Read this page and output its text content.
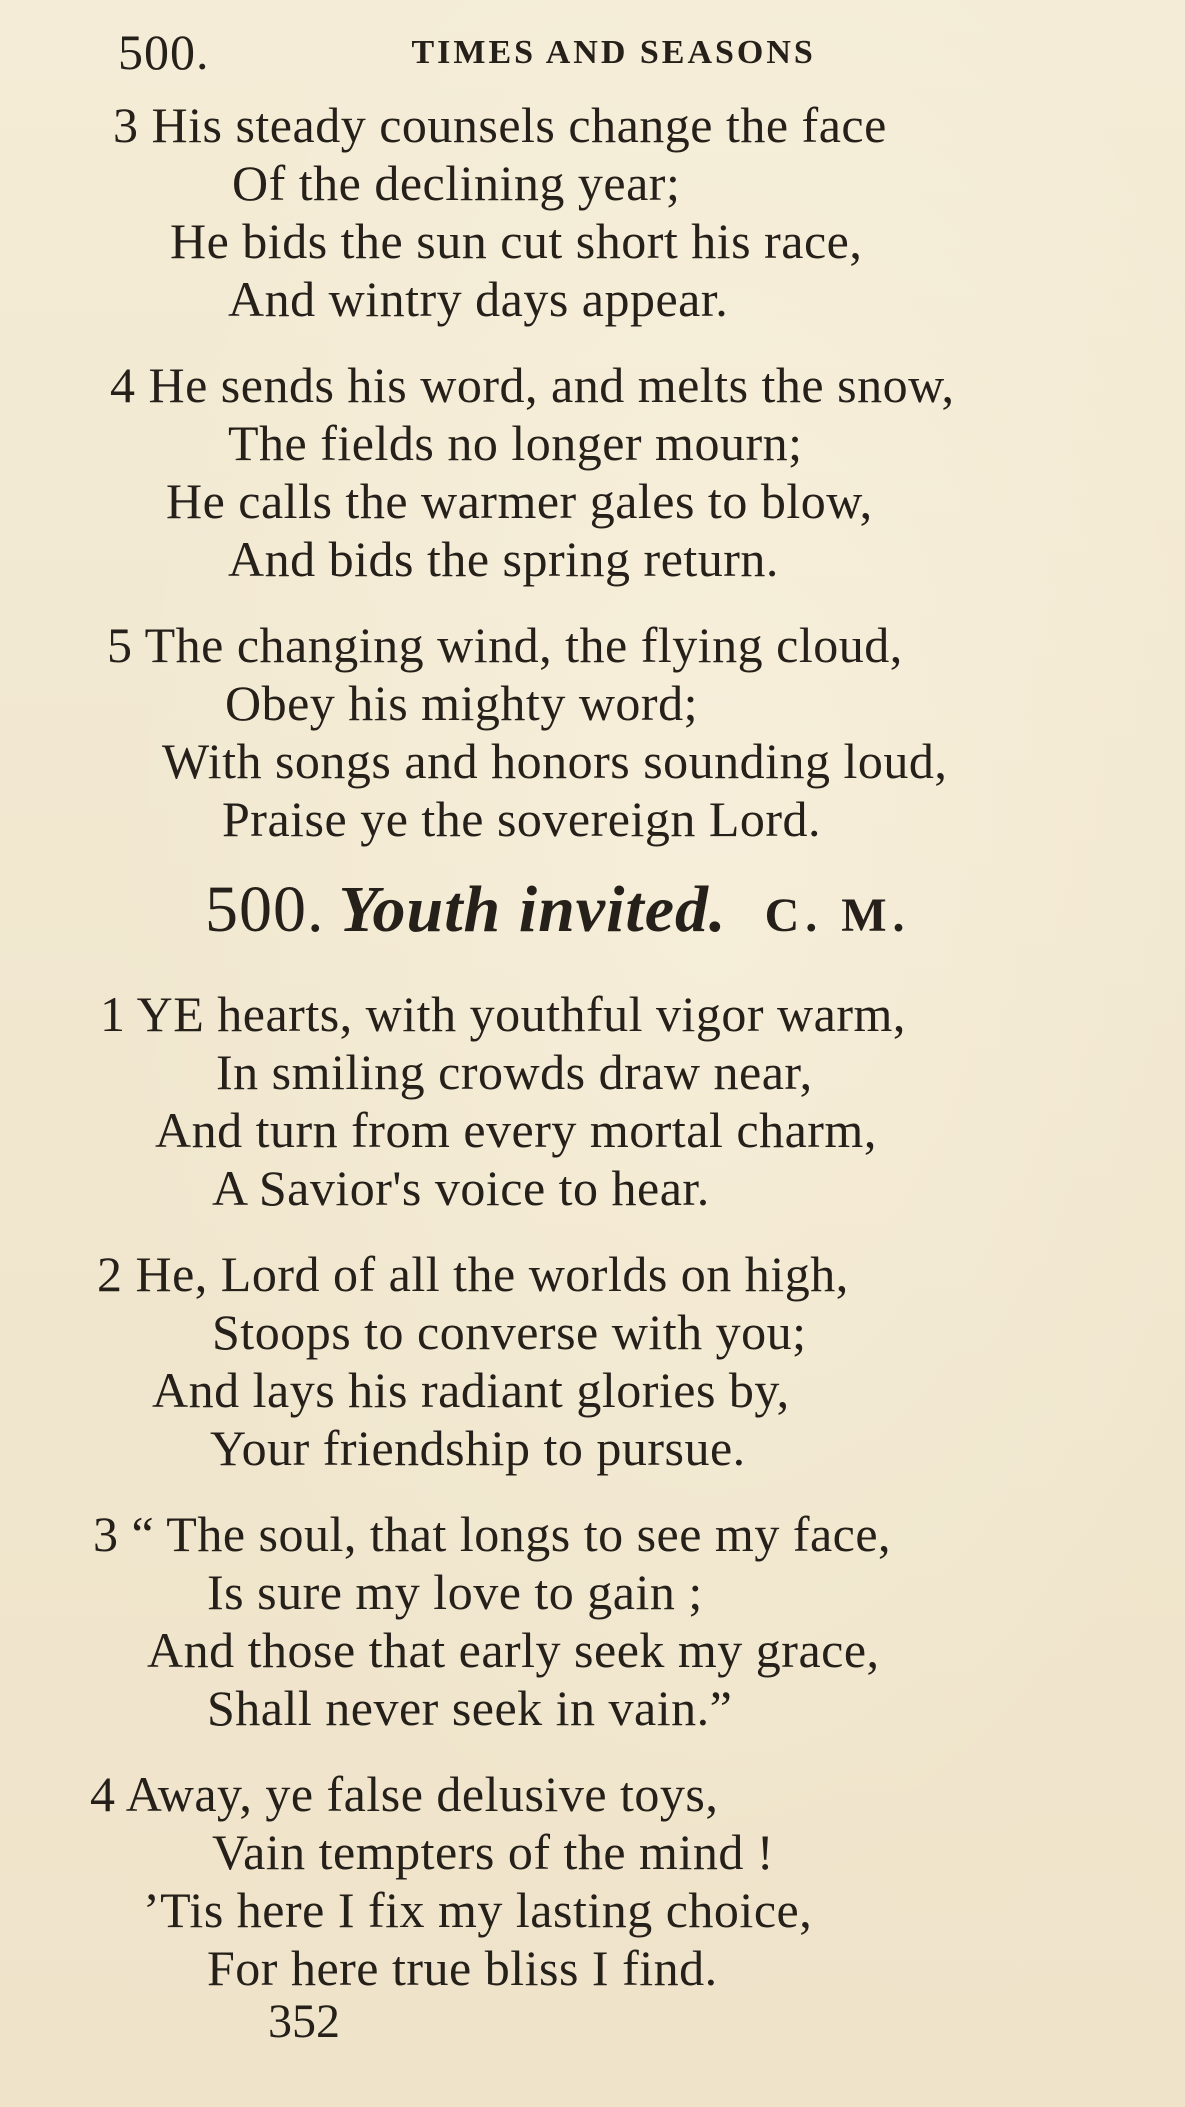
500.	TIMES AND SEASONS
3 His steady counsels change the face
Of the declining year;
He bids the sun cut short his race,
And wintry days appear.
4 He sends his word, and melts the snow,
The fields no longer mourn;
He calls the warmer gales to blow,
And bids the spring return.
5 The changing wind, the flying cloud,
Obey his mighty word;
With songs and honors sounding loud,
Praise ye the sovereign Lord.
500. Youth invited. C. M.
1 YE hearts, with youthful vigor warm,
In smiling crowds draw near,
And turn from every mortal charm,
A Savior's voice to hear.
2 He, Lord of all the worlds on high,
Stoops to converse with you;
And lays his radiant glories by,
Your friendship to pursue.
3 “ The soul, that longs to see my face,
Is sure my love to gain ;
And those that early seek my grace,
Shall never seek in vain.”
4 Away, ye false delusive toys,
Vain tempters of the mind !
’Tis here I fix my lasting choice,
For here true bliss I find.
352
